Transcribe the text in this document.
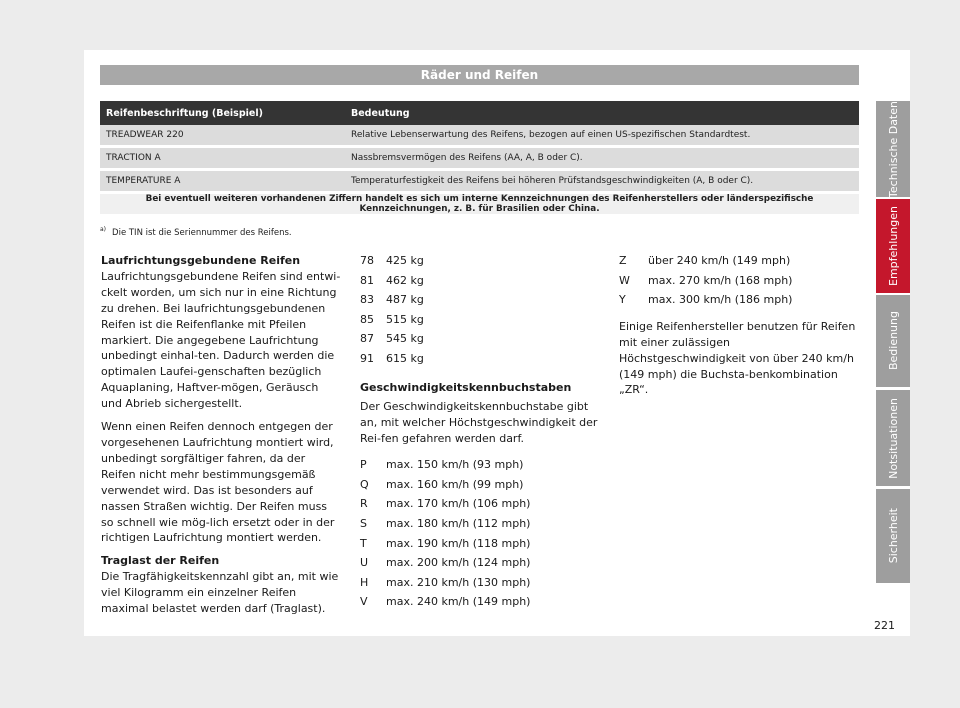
Räder und Reifen
Reifenbeschriftung (Beispiel)	Bedeutung
TREADWEAR 220	Relative Lebenserwartung des Reifens, bezogen auf einen US-spezifischen Standardtest.
TRACTION A	Nassbremsvermögen des Reifens (AA, A, B oder C).
TEMPERATURE A	Temperaturfestigkeit des Reifens bei höheren Prüfstandsgeschwindigkeiten (A, B oder C).
Bei eventuell weiteren vorhandenen Ziffern handelt es sich um interne Kennzeichnungen des Reifenherstellers oder länderspezifische Kennzeichnungen, z. B. für Brasilien oder China.	
$^{a)}$ Die TIN ist die Seriennummer des Reifens.
Laufrichtungsgebundene Reifen

Laufrichtungsgebundene Reifen sind entwi-ckelt worden, um sich nur in eine Richtung zu drehen. Bei laufrichtungsgebundenen Reifen ist die Reifenflanke mit Pfeilen markiert. Die angegebene Laufrichtung unbedingt einhal-ten. Dadurch werden die optimalen Laufei-genschaften bezüglich Aquaplaning, Haftver-mögen, Geräusch und Abrieb sichergestellt.

Wenn einen Reifen dennoch entgegen der vorgesehenen Laufrichtung montiert wird, unbedingt sorgfältiger fahren, da der Reifen nicht mehr bestimmungsgemäß verwendet wird. Das ist besonders auf nassen Straßen wichtig. Der Reifen muss so schnell wie mög-lich ersetzt oder in der richtigen Laufrichtung montiert werden.

Traglast der Reifen

Die Tragfähigkeitskennzahl gibt an, mit wie viel Kilogramm ein einzelner Reifen maximal belastet werden darf (Traglast).

78	425 kg
81	462 kg
83	487 kg
85	515 kg
87	545 kg
91	615 kg
Geschwindigkeitskennbuchstaben

Der Geschwindigkeitskennbuchstabe gibt an, mit welcher Höchstgeschwindigkeit der Rei-fen gefahren werden darf.

P	max. 150 km/h (93 mph)
Q	max. 160 km/h (99 mph)
R	max. 170 km/h (106 mph)
S	max. 180 km/h (112 mph)
T	max. 190 km/h (118 mph)
U	max. 200 km/h (124 mph)
H	max. 210 km/h (130 mph)
V	max. 240 km/h (149 mph)
Z	über 240 km/h (149 mph)
W	max. 270 km/h (168 mph)
Y	max. 300 km/h (186 mph)

Einige Reifenhersteller benutzen für Reifen mit einer zulässigen Höchstgeschwindigkeit von über 240 km/h (149 mph) die Buchsta-benkombination „ZR“.

Technische Daten
Empfehlungen
Bedienung
Notsituationen
Sicherheit
221
